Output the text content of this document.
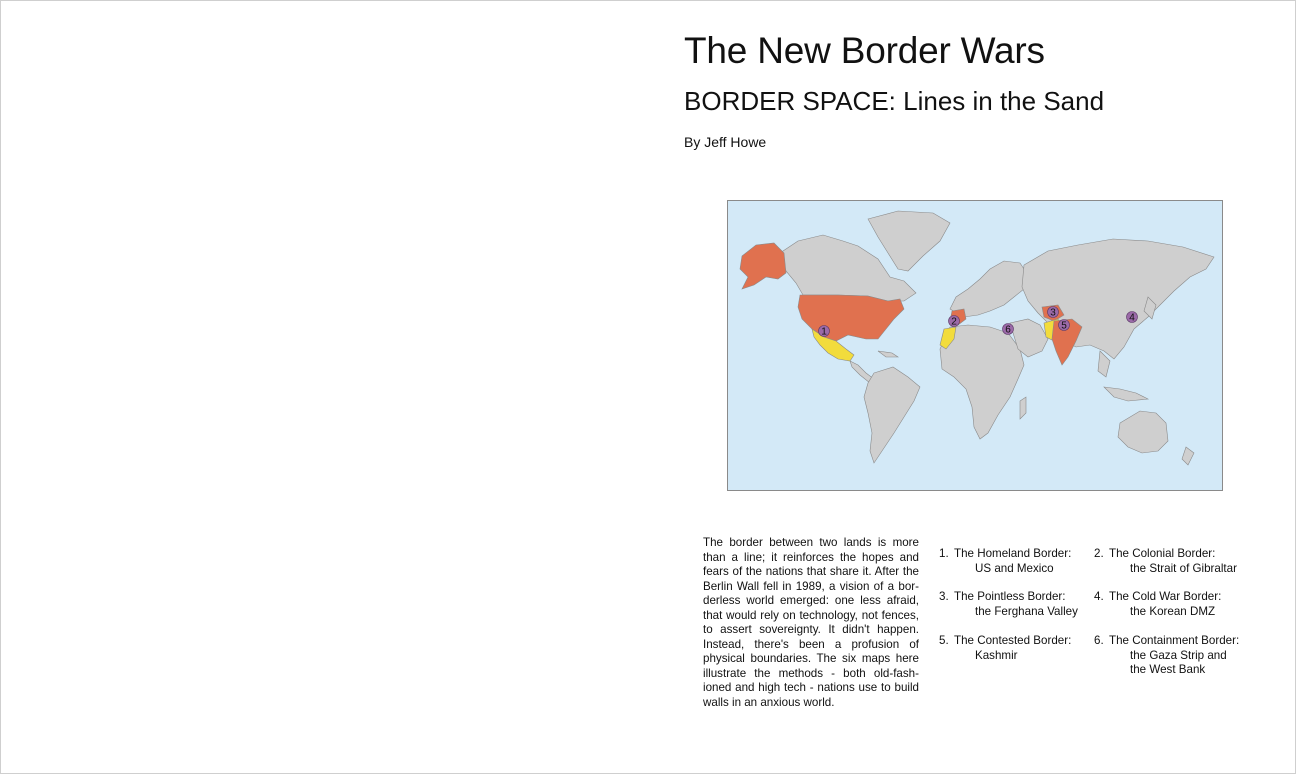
The New Border Wars
BORDER SPACE: Lines in the Sand

By Jeff Howe

1
2
3	4
5
6

The border between two lands is more than a line; it reinforces the hopes and fears of the nations that share it. After the Berlin Wall fell in 1989, a vision of a bor-derless world emerged: one less afraid, that would rely on technology, not fences, to assert sovereignty. It didn't happen. Instead, there's been a profusion of physical boundaries. The six maps here illustrate the methods - both old-fash-ioned and high tech - nations use to build walls in an anxious world.

1. The Homeland Border:
US and Mexico
2. The Colonial Border:
the Strait of Gibraltar
3. The Pointless Border:
the Ferghana Valley
4. The Cold War Border:
the Korean DMZ
5. The Contested Border:
Kashmir
6. The Containment Border:
the Gaza Strip and
the West Bank
